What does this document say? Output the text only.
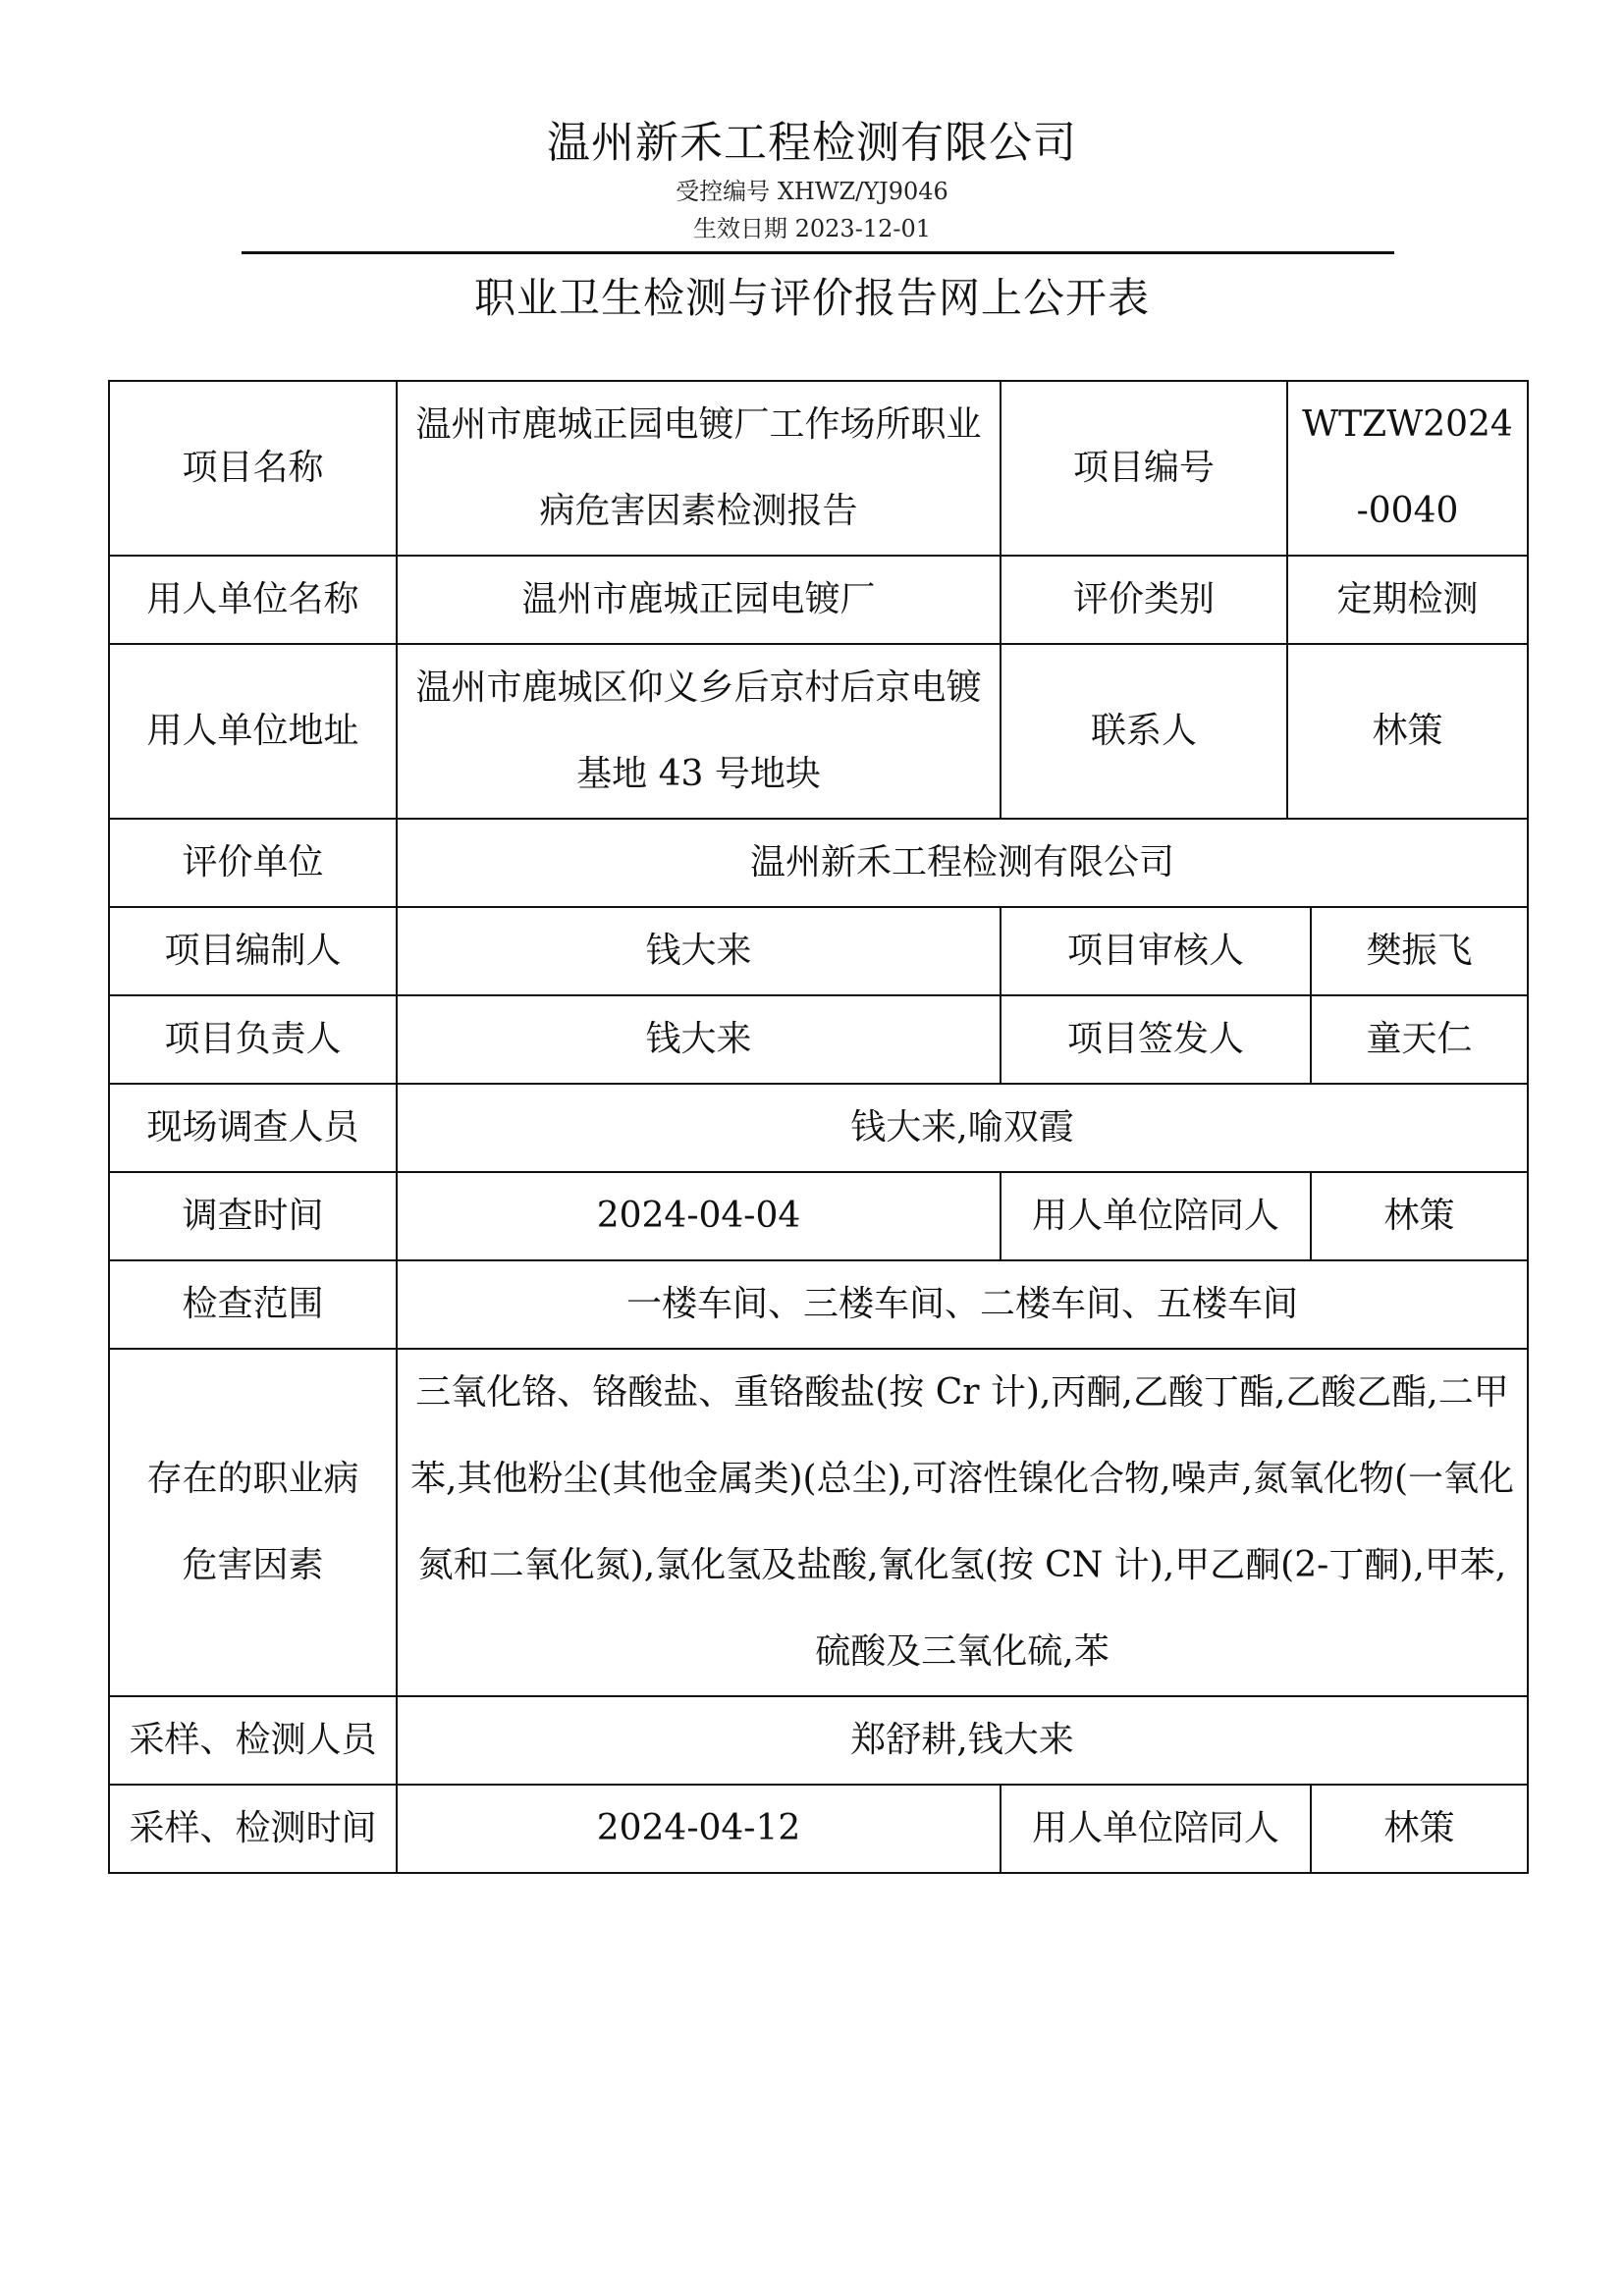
温州新禾工程检测有限公司
受控编号 XHWZ/YJ9046
生效日期 2023-12-01
职业卫生检测与评价报告网上公开表
项目名称	温州市鹿城正园电镀厂工作场所职业病危害因素检测报告	项目编号	WTZW2024-0040	
用人单位名称	温州市鹿城正园电镀厂	评价类别	定期检测	
用人单位地址	温州市鹿城区仰义乡后京村后京电镀基地 43 号地块	联系人	林策	
评价单位	温州新禾工程检测有限公司			
项目编制人	钱大来	项目审核人		樊振飞
项目负责人	钱大来	项目签发人		童天仁
现场调查人员	钱大来,喻双霞			
调查时间	2024-04-04	用人单位陪同人		林策
检查范围	一楼车间、三楼车间、二楼车间、五楼车间			
存在的职业病危害因素	三氧化铬、铬酸盐、重铬酸盐(按 Cr 计),丙酮,乙酸丁酯,乙酸乙酯,二甲苯,其他粉尘(其他金属类)(总尘),可溶性镍化合物,噪声,氮氧化物(一氧化氮和二氧化氮),氯化氢及盐酸,氰化氢(按 CN 计),甲乙酮(2-丁酮),甲苯,硫酸及三氧化硫,苯			
采样、检测人员	郑舒耕,钱大来			
采样、检测时间	2024-04-12	用人单位陪同人		林策
